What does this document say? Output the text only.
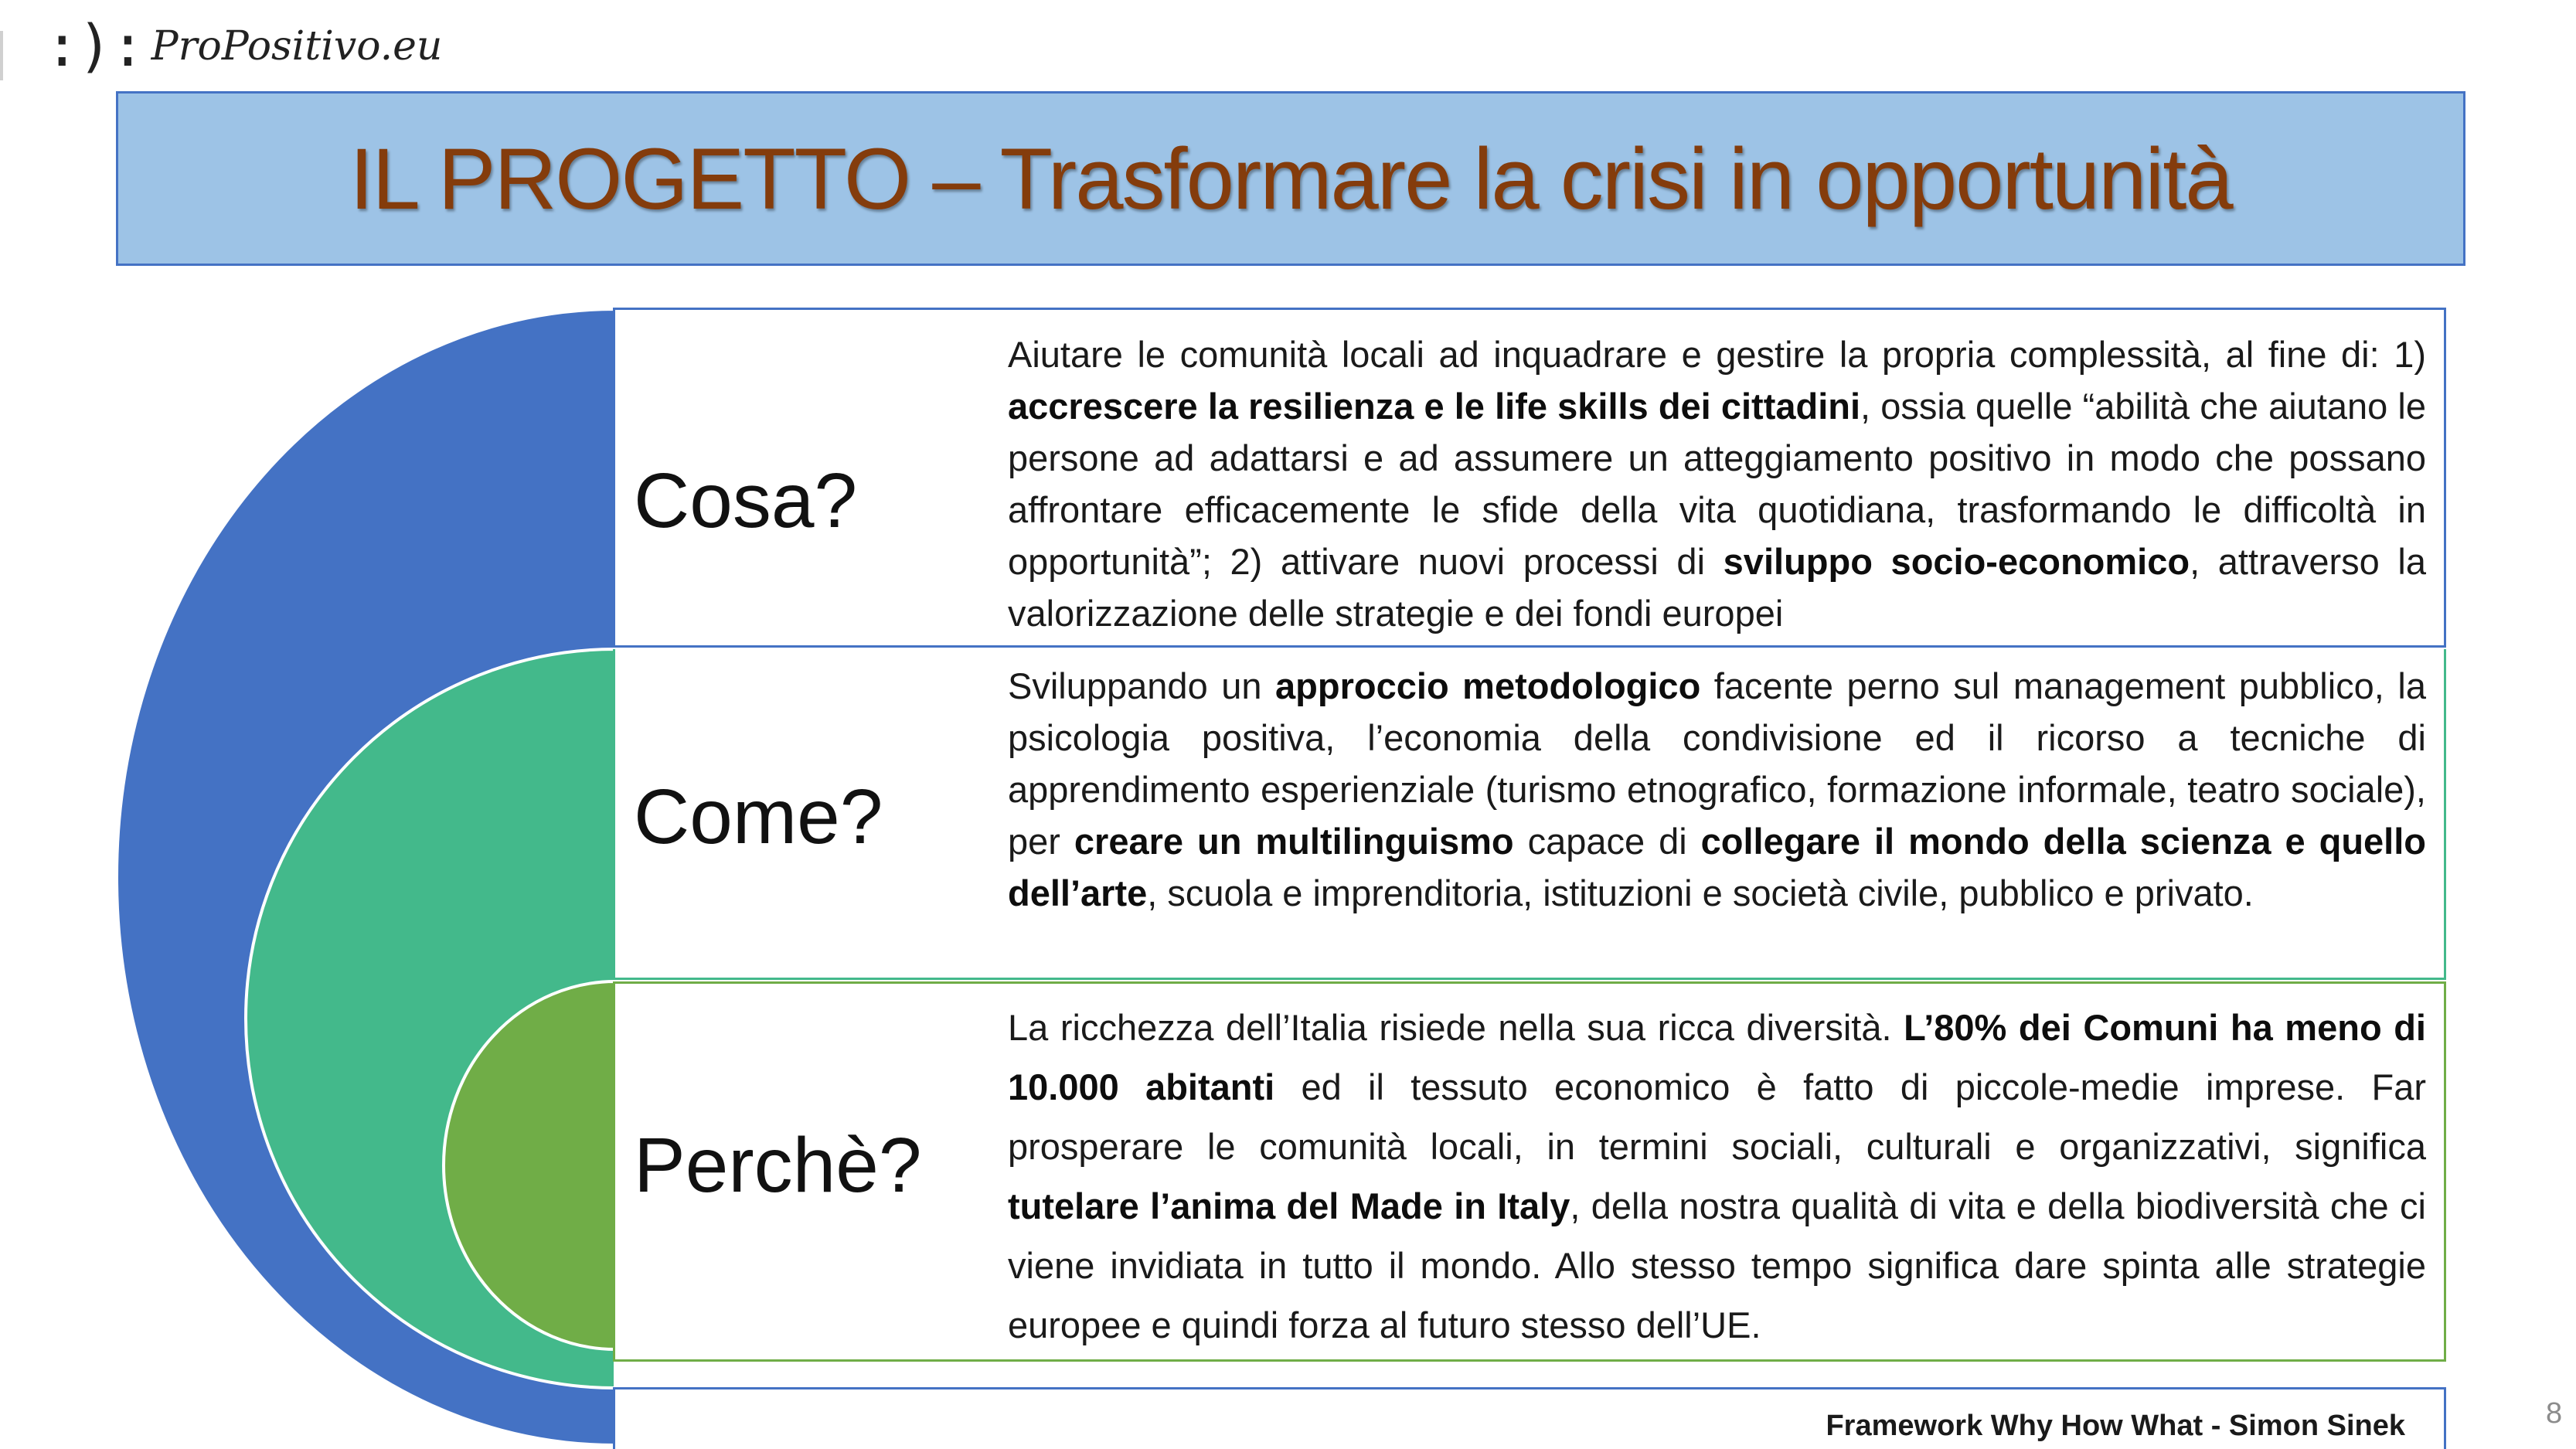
:): ProPositivo.eu
IL PROGETTO – Trasformare la crisi in opportunità
Cosa?
Aiutare le comunità locali ad inquadrare e gestire la propria complessità, al fine di: 1) accrescere la resilienza e le life skills dei cittadini, ossia quelle “abilità che aiutano le persone ad adattarsi e ad assumere un atteggiamento positivo in modo che possano affrontare efficacemente le sfide della vita quotidiana, trasformando le difficoltà in opportunità”; 2) attivare nuovi processi di sviluppo socio-economico, attraverso la valorizzazione delle strategie e dei fondi europei
Come?
Sviluppando un approccio metodologico facente perno sul management pubblico, la psicologia positiva, l’economia della condivisione ed il ricorso a tecniche di apprendimento esperienziale (turismo etnografico, formazione informale, teatro sociale), per creare un multilinguismo capace di collegare il mondo della scienza e quello dell’arte, scuola e imprenditoria, istituzioni e società civile, pubblico e privato.
Perchè?
La ricchezza dell’Italia risiede nella sua ricca diversità. L’80% dei Comuni ha meno di 10.000 abitanti ed il tessuto economico è fatto di piccole-medie imprese. Far prosperare le comunità locali, in termini sociali, culturali e organizzativi, significa tutelare l’anima del Made in Italy, della nostra qualità di vita e della biodiversità che ci viene invidiata in tutto il mondo. Allo stesso tempo significa dare spinta alle strategie europee e quindi forza al futuro stesso dell’UE.
Framework Why How What - Simon Sinek	8
